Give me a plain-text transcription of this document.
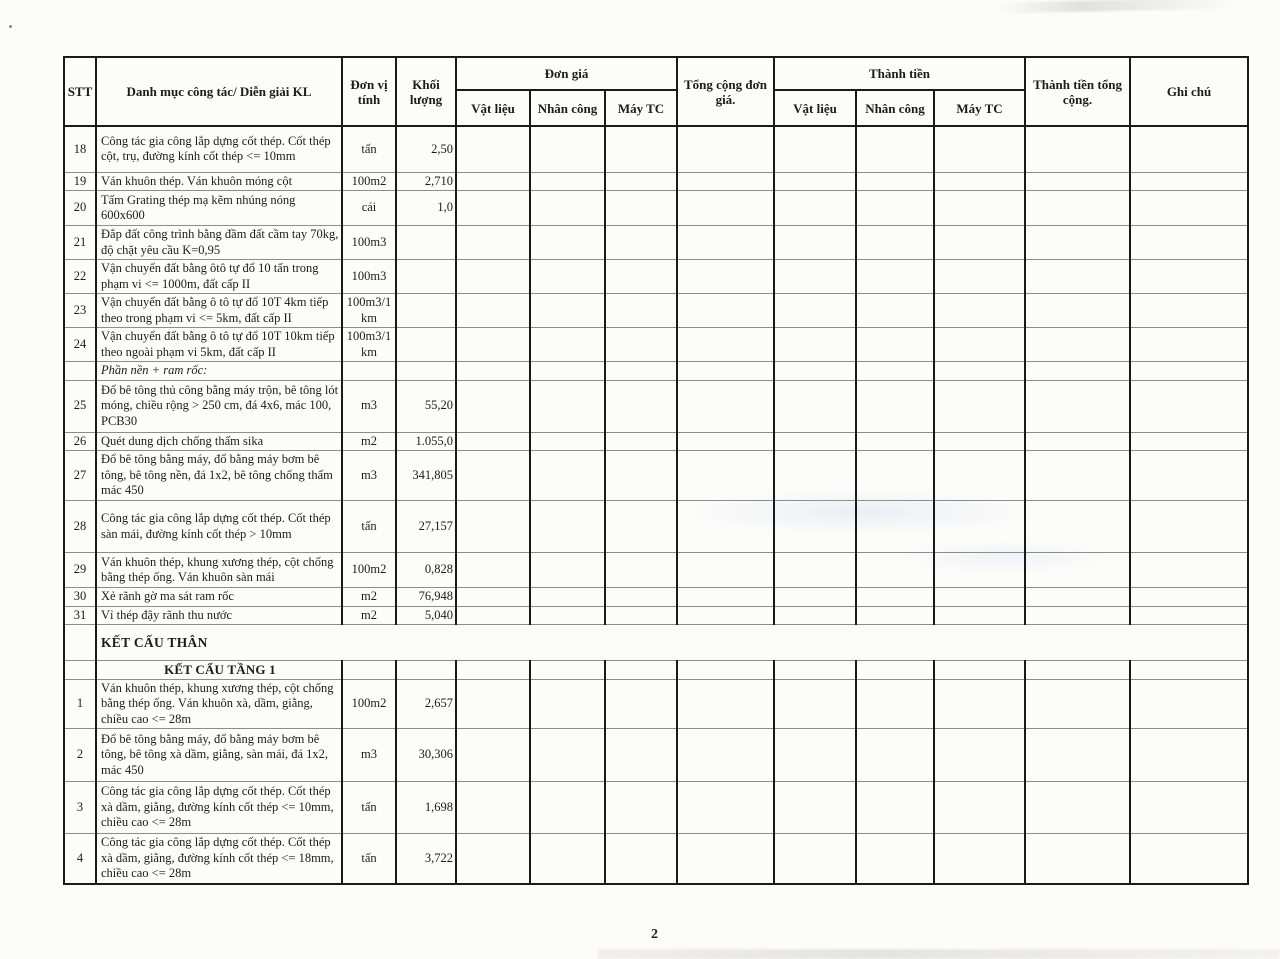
STT	Danh mục công tác/ Diễn giải KL	Đơn vị tính	Khối lượng	Đơn giá			Tổng cộng đơn giá.	Thành tiền			Thành tiền tổng cộng.	Ghi chú
				Vật liệu	Nhân công	Máy TC		Vật liệu	Nhân công	Máy TC		
18	Công tác gia công lắp dựng cốt thép. Cốt thép cột, trụ, đường kính cốt thép <= 10mm	tấn	2,50									
19	Ván khuôn thép. Ván khuôn móng cột	100m2	2,710									
20	Tấm Grating thép mạ kẽm nhúng nóng 600x600	cái	1,0									
21	Đắp đất công trình bằng đầm đất cầm tay 70kg, độ chặt yêu cầu K=0,95	100m3										
22	Vận chuyển đất bằng ôtô tự đổ 10 tấn trong phạm vi <= 1000m, đất cấp II	100m3										
23	Vận chuyển đất bằng ô tô tự đổ 10T 4km tiếp theo trong phạm vi <= 5km, đất cấp II	100m3/1 km										
24	Vận chuyển đất bằng ô tô tự đổ 10T 10km tiếp theo ngoài phạm vi 5km, đất cấp II	100m3/1 km										
	Phần nền + ram rốc:											
25	Đổ bê tông thủ công bằng máy trộn, bê tông lót móng, chiều rộng > 250 cm, đá 4x6, mác 100, PCB30	m3	55,20									
26	Quét dung dịch chống thấm sika	m2	1.055,0									
27	Đổ bê tông bằng máy, đổ bằng máy bơm bê tông, bê tông nền, đá 1x2, bê tông chống thấm mác 450	m3	341,805									
28	Công tác gia công lắp dựng cốt thép. Cốt thép sàn mái, đường kính cốt thép > 10mm	tấn	27,157									
29	Ván khuôn thép, khung xương thép, cột chống bằng thép ống. Ván khuôn sàn mái	100m2	0,828									
30	Xẻ rãnh gờ ma sát ram rốc	m2	76,948									
31	Vỉ thép đậy rãnh thu nước	m2	5,040									
	KẾT CẤU THÂN											
	KẾT CẤU TẦNG 1											
1	Ván khuôn thép, khung xương thép, cột chống bằng thép ống. Ván khuôn xà, dầm, giằng, chiều cao <= 28m	100m2	2,657									
2	Đổ bê tông bằng máy, đổ bằng máy bơm bê tông, bê tông xà dầm, giằng, sàn mái, đá 1x2, mác 450	m3	30,306									
3	Công tác gia công lắp dựng cốt thép. Cốt thép xà dầm, giằng, đường kính cốt thép <= 10mm, chiều cao <= 28m	tấn	1,698									
4	Công tác gia công lắp dựng cốt thép. Cốt thép xà dầm, giằng, đường kính cốt thép <= 18mm, chiều cao <= 28m	tấn	3,722									
2
